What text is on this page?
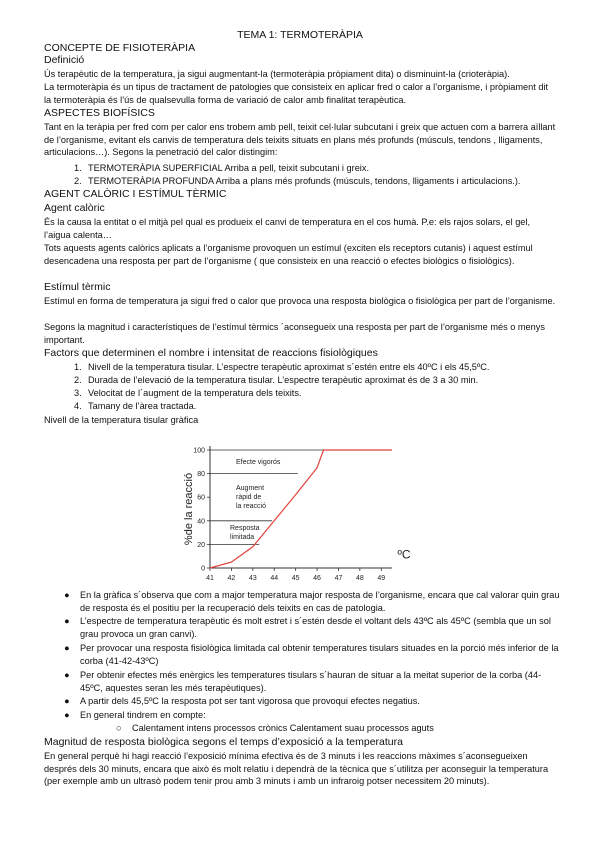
TEMA 1: TERMOTERÀPIA
CONCEPTE DE FISIOTERÀPIA
Definició
Ús terapèutic de la temperatura, ja sigui augmentant-la (termoteràpia pròpiament dita) o disminuint-la (crioteràpia).
La termoteràpia és un tipus de tractament de patologies que consisteix en aplicar fred o calor a l’organisme, i pròpiament dit la termoteràpia és l’ús de qualsevulla forma de variació de calor amb finalitat terapèutica.
ASPECTES BIOFÍSICS
Tant en la teràpia per fred com per calor ens trobem amb pell, teixit cel·lular subcutani i greix que actuen com a barrera aïllant de l’organisme, evitant els canvis de temperatura dels teixits situats en plans més profunds (músculs, tendons , lligaments, articulacions…). Segons la penetració del calor distingim:
1. TERMOTERÀPIA SUPERFICIAL Arriba a pell, teixit subcutani i greix.
2. TERMOTERÀPIA PROFUNDA Arriba a plans més profunds (músculs, tendons, lligaments i articulacions.).
AGENT CALÒRIC I ESTÍMUL TÈRMIC
Agent calòric
És la causa la entitat o el mitjà pel qual es produeix el canvi de temperatura en el cos humà. P.e: els rajos solars, el gel, l’aigua calenta…
Tots aquests agents calòrics aplicats a l’organisme provoquen un estímul (exciten els receptors cutanis) i aquest estímul desencadena una resposta per part de l’organisme ( que consisteix en una reacció o efectes biològics o fisiològics).
Estímul tèrmic
Estímul en forma de temperatura ja sigui fred o calor que provoca una resposta biològica o fisiològica per part de l’organisme.
Segons la magnitud i característiques de l’estímul tèrmics ´aconsegueix una resposta per part de l’organisme més o menys important.
Factors que determinen el nombre i intensitat de reaccions fisiològiques
1. Nivell de la temperatura tisular. L’espectre terapèutic aproximat s´estén entre els 40ºC i els 45,5ºC.
2. Durada de l’elevació de la temperatura tisular. L’espectre terapèutic aproximat és de 3 a 30 min.
3. Velocitat de l´augment de la temperatura dels teixits.
4. Tamany de l’àrea tractada.
Nivell de la temperatura tisular gràfica
Efecte vigorós
Augment ràpid de la reacció
Resposta limitada
0
20
40
60
80
100
41 42 43 44 45 46 47 48 49
%de la reacció
ºC
● En la gràfica s´observa que com a major temperatura major resposta de l’organisme, encara que cal valorar quin grau de resposta és el positiu per la recuperació dels teixits en cas de patologia.
● L’espectre de temperatura terapèutic és molt estret i s´estén desde el voltant dels 43ºC als 45ºC (sembla que un sol grau provoca un gran canvi).
● Per provocar una resposta fisiològica limitada cal obtenir temperatures tisulars situades en la porció més inferior de la corba (41-42-43ºC)
● Per obtenir efectes més enèrgics les temperatures tisulars s´hauran de situar a la meitat superior de la corba (44-45ºC, aquestes seran les més terapèutiques).
● A partir dels 45,5ºC la resposta pot ser tant vigorosa que provoqui efectes negatius.
● En general tindrem en compte:
○ Calentament intens processos crònics Calentament suau processos aguts
Magnitud de resposta biològica segons el temps d’exposició a la temperatura
En general perquè hi hagi reacció l’exposició mínima efectiva és de 3 minuts i les reaccions màximes s´aconsegueixen després dels 30 minuts, encara que això és molt relatiu i dependrà de la tècnica que s´utilitza per aconseguir la temperatura (per exemple amb un ultrasò podem tenir prou amb 3 minuts i amb un infraroig potser necessitem 20 minuts).
